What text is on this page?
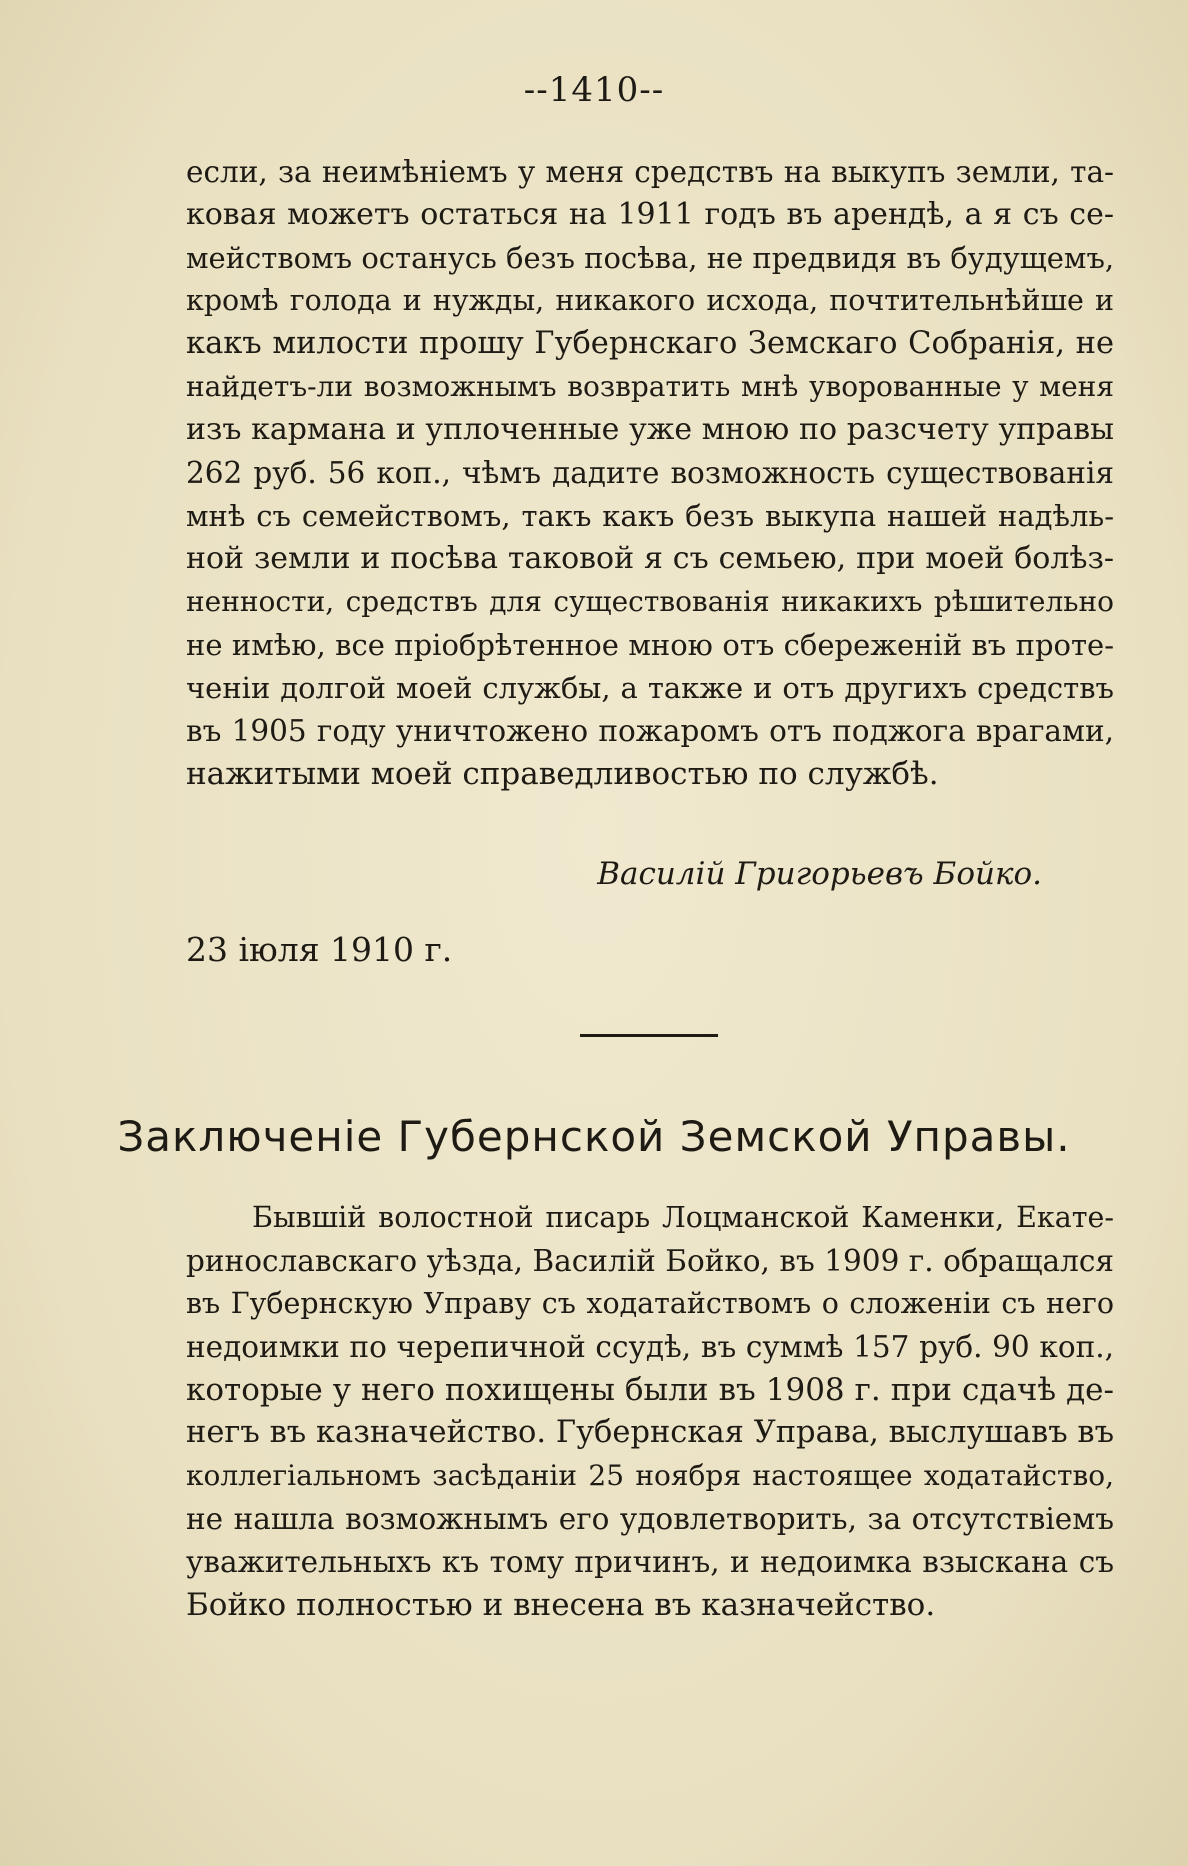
--1410--
если, за неимѣніемъ у меня средствъ на выкупъ земли, та-
ковая можетъ остаться на 1911 годъ въ арендѣ, а я съ се-
мействомъ останусь безъ посѣва, не предвидя въ будущемъ,
кромѣ голода и нужды, никакого исхода, почтительнѣйше и
какъ милости прошу Губернскаго Земскаго Собранія, не
найдетъ-ли возможнымъ возвратить мнѣ уворованные у меня
изъ кармана и уплоченные уже мною по разсчету управы
262 руб. 56 коп., чѣмъ дадите возможность существованія
мнѣ съ семействомъ, такъ какъ безъ выкупа нашей надѣль-
ной земли и посѣва таковой я съ семьею, при моей болѣз-
ненности, средствъ для существованія никакихъ рѣшительно
не имѣю, все пріобрѣтенное мною отъ сбереженій въ протe-
чeніи долгой моей службы, а также и отъ другихъ средствъ
въ 1905 году уничтожено пожаромъ отъ поджога врагами,
нажитыми моей справедливостью по службѣ.
Василій Григорьевъ Бойко.
23 іюля 1910 г.
Заключеніе Губернской Земской Управы.
Бывшій волостной писарь Лоцманской Каменки, Екате-
ринославскаго уѣзда, Василій Бойко, въ 1909 г. обращался
въ Губернскую Управу съ ходатайствомъ о сложеніи съ него
недоимки по черепичной ссудѣ, въ суммѣ 157 руб. 90 коп.,
которые у него похищены были въ 1908 г. при сдачѣ де-
негъ въ казначейство. Губернская Управа, выслушавъ въ
коллегіальномъ засѣданіи 25 ноября настоящее ходатайство,
не нашла возможнымъ его удовлетворить, за отсутствіемъ
уважительныхъ къ тому причинъ, и недоимка взыскана съ
Бойко полностью и внесена въ казначейство.
